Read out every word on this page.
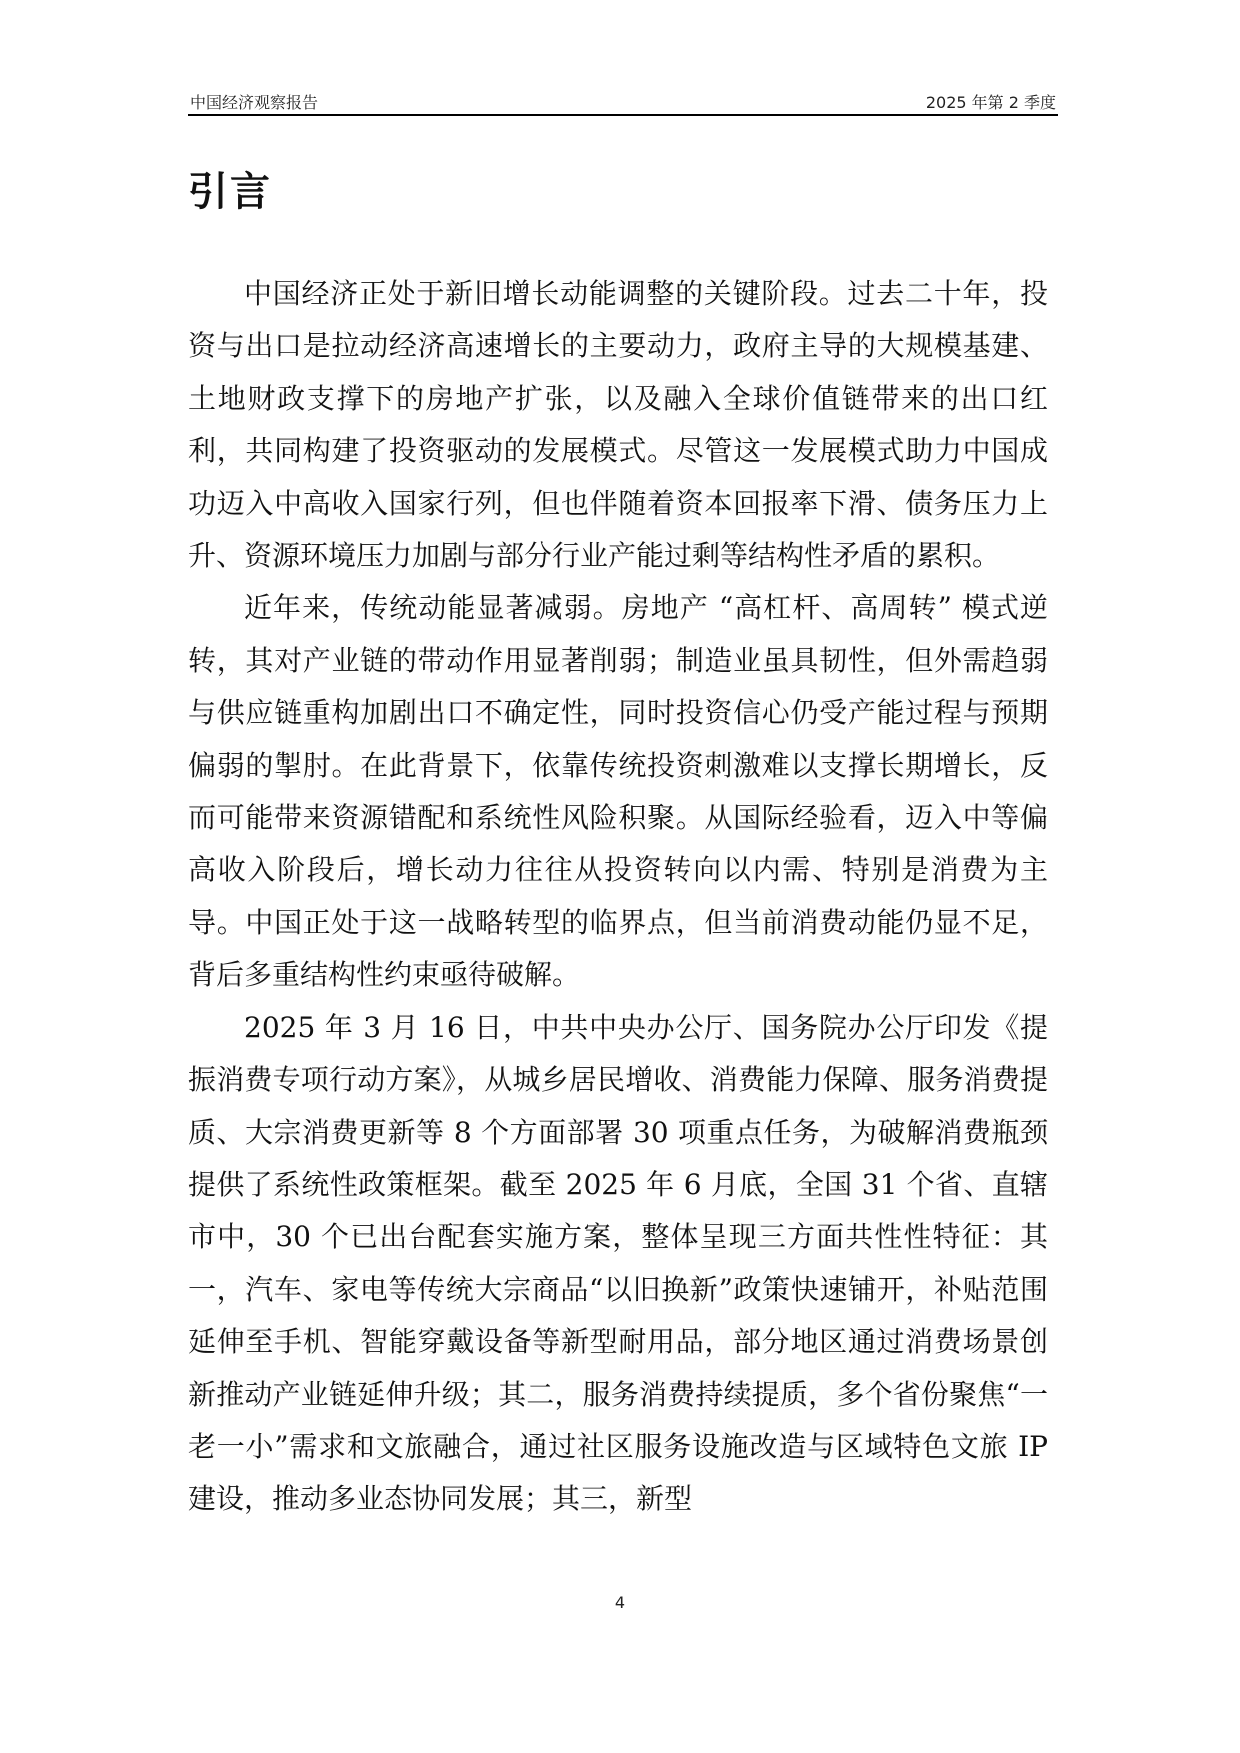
中国经济观察报告	2025 年第 2 季度
引言

中国经济正处于新旧增长动能调整的关键阶段。过去二十年，投资与出口是拉动经济高速增长的主要动力，政府主导的大规模基建、土地财政支撑下的房地产扩张，以及融入全球价值链带来的出口红利，共同构建了投资驱动的发展模式。尽管这一发展模式助力中国成功迈入中高收入国家行列，但也伴随着资本回报率下滑、债务压力上升、资源环境压力加剧与部分行业产能过剩等结构性矛盾的累积。

近年来，传统动能显著减弱。房地产 “高杠杆、高周转” 模式逆转，其对产业链的带动作用显著削弱；制造业虽具韧性，但外需趋弱与供应链重构加剧出口不确定性，同时投资信心仍受产能过程与预期偏弱的掣肘。在此背景下，依靠传统投资刺激难以支撑长期增长，反而可能带来资源错配和系统性风险积聚。从国际经验看，迈入中等偏高收入阶段后，增长动力往往从投资转向以内需、特别是消费为主导。中国正处于这一战略转型的临界点，但当前消费动能仍显不足，背后多重结构性约束亟待破解。

2025 年 3 月 16 日，中共中央办公厅、国务院办公厅印发《提振消费专项行动方案》，从城乡居民增收、消费能力保障、服务消费提质、大宗消费更新等 8 个方面部署 30 项重点任务，为破解消费瓶颈提供了系统性政策框架。截至 2025 年 6 月底，全国 31 个省、直辖市中，30 个已出台配套实施方案，整体呈现三方面共性性特征：其一，汽车、家电等传统大宗商品“以旧换新”政策快速铺开，补贴范围延伸至手机、智能穿戴设备等新型耐用品，部分地区通过消费场景创新推动产业链延伸升级；其二，服务消费持续提质，多个省份聚焦“一老一小”需求和文旅融合，通过社区服务设施改造与区域特色文旅 IP 建设，推动多业态协同发展；其三，新型

4
